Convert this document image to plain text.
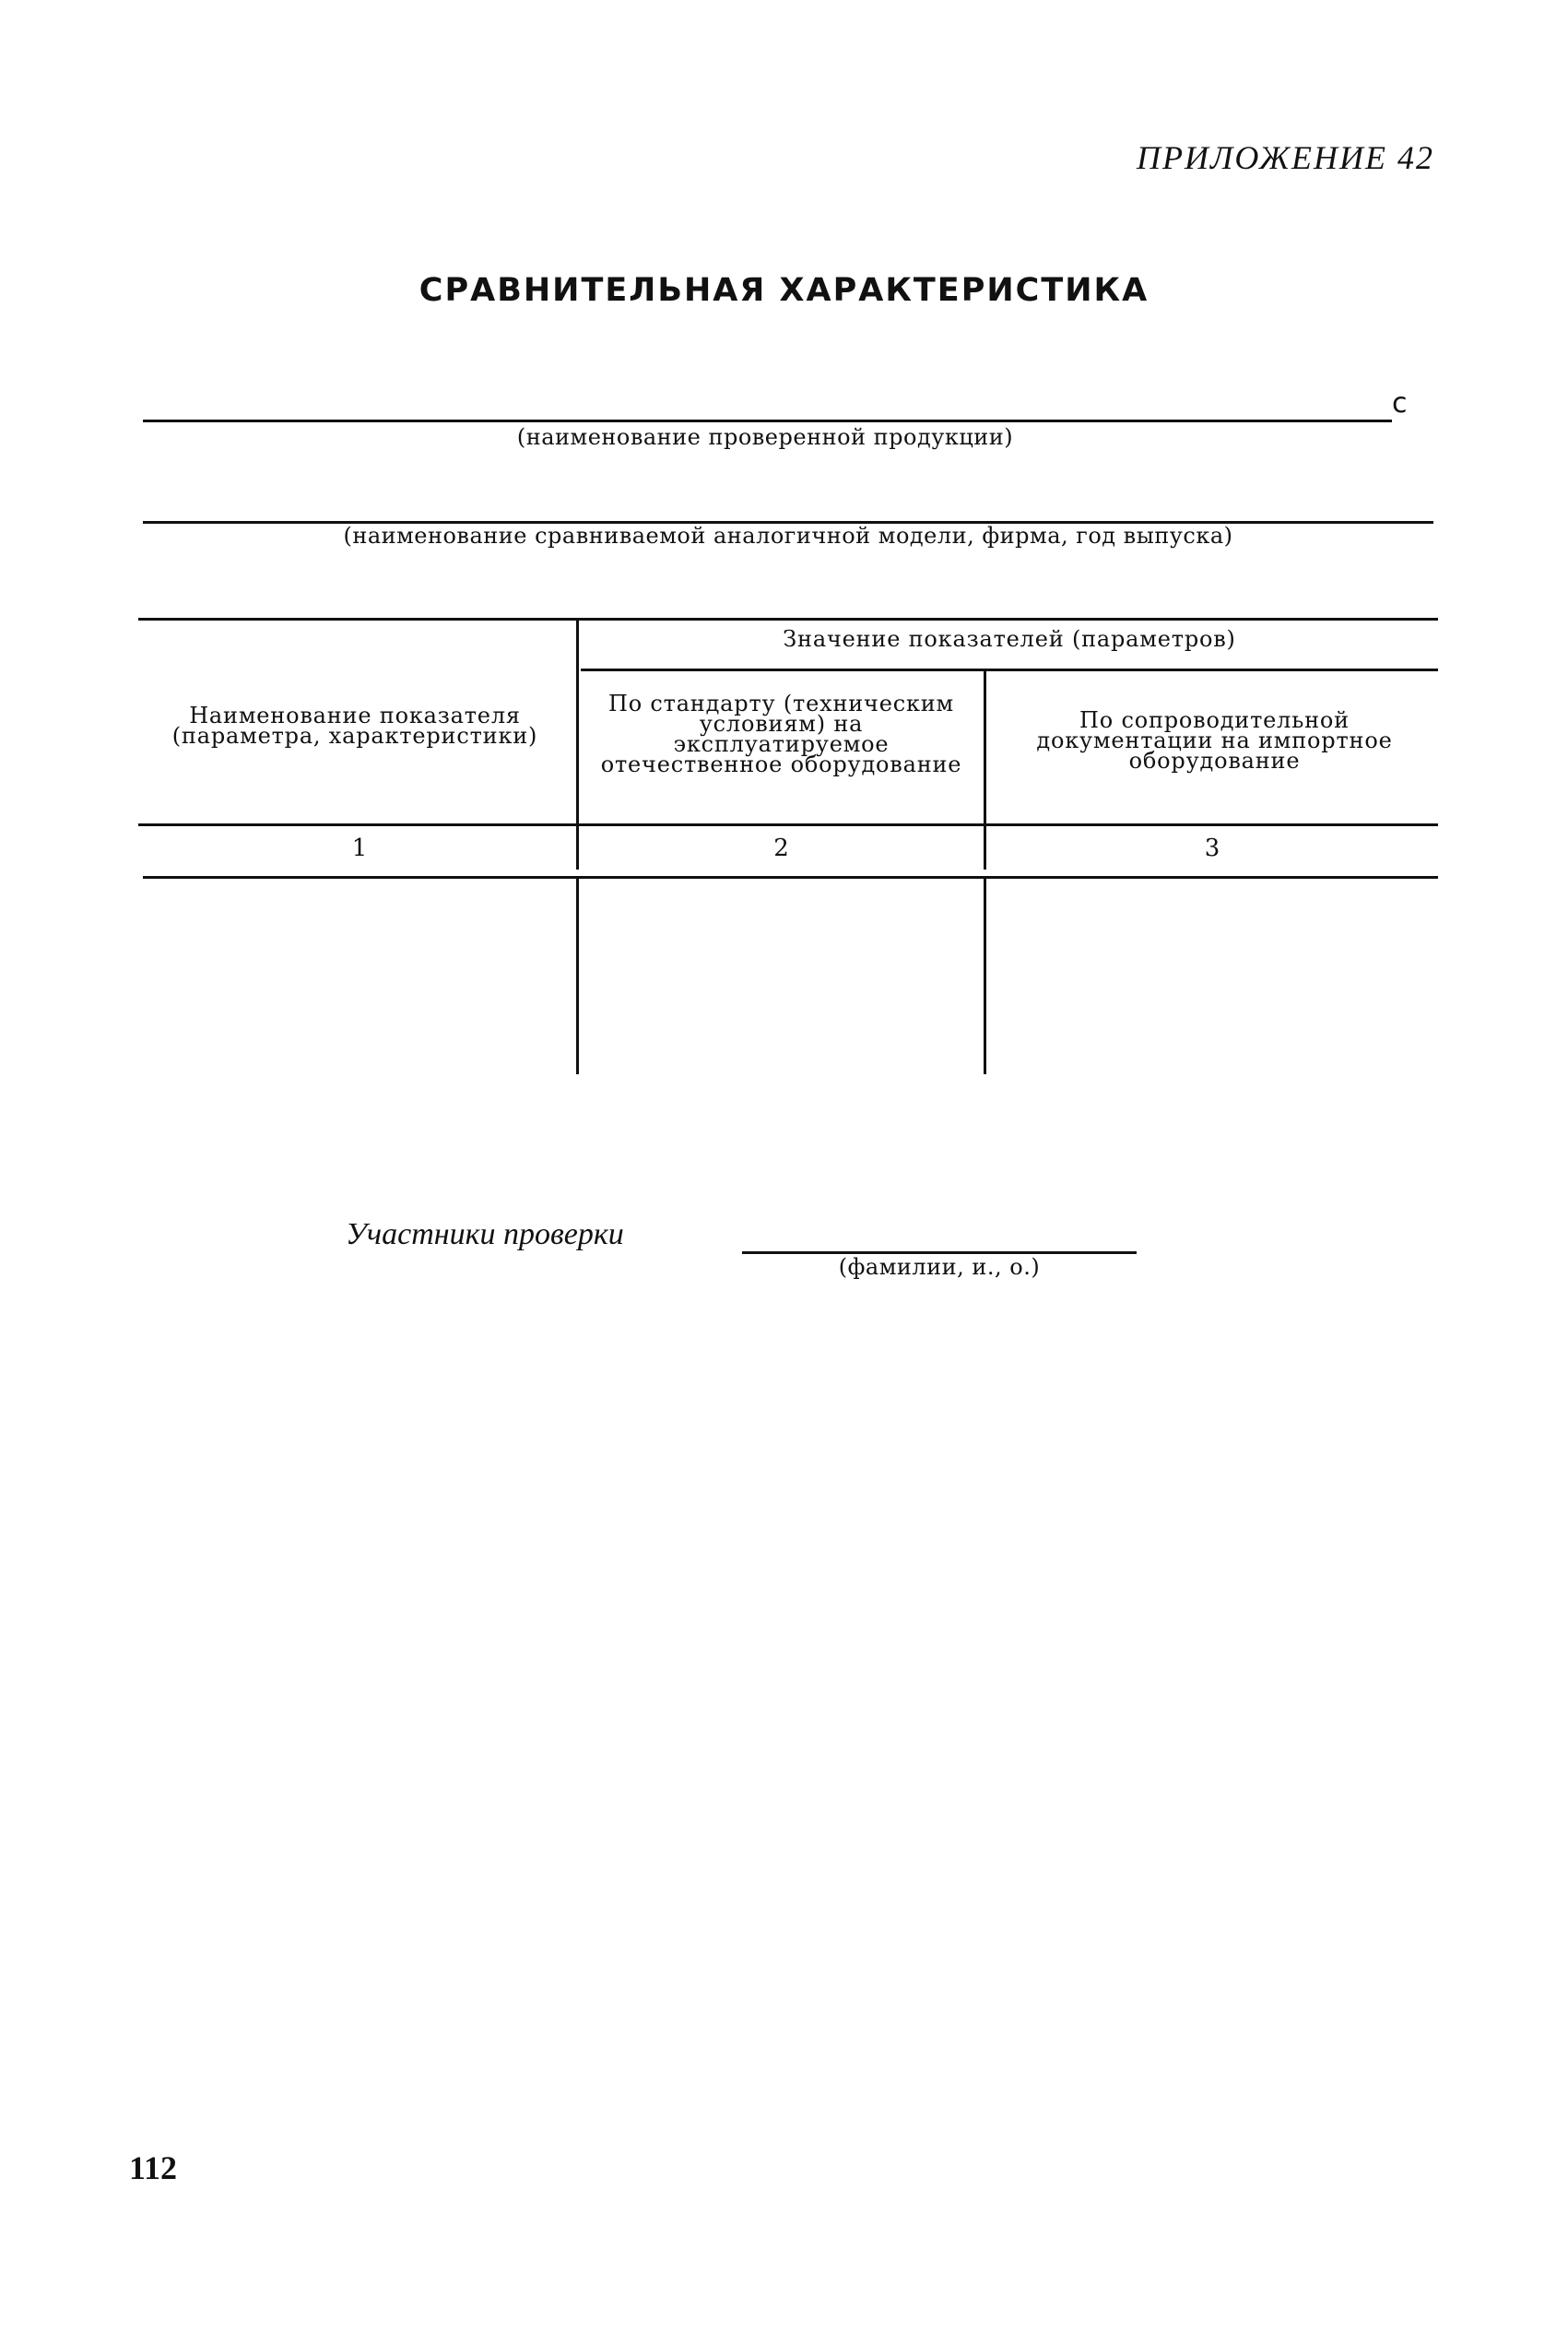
ПРИЛОЖЕНИЕ 42
СРАВНИТЕЛЬНАЯ ХАРАКТЕРИСТИКА
с
(наименование проверенной продукции)
(наименование сравниваемой аналогичной модели, фирма, год выпуска)
Значение показателей (параметров)
Наименование показателя (параметра, характеристики)
По стандарту (техническим условиям) на эксплуатируемое отечественное оборудование
По сопроводительной документации на импортное оборудование
1	2	3
Участники проверки
(фамилии, и., о.)
112
